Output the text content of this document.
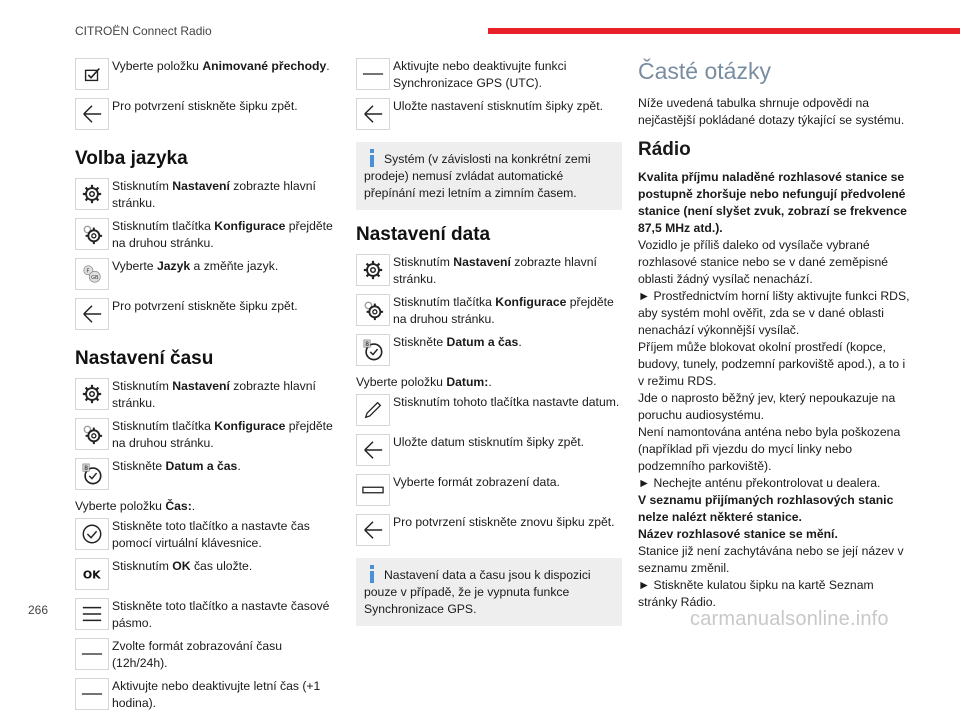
CITROËN Connect Radio
Vyberte položku Animované přechody.
Pro potvrzení stiskněte šipku zpět.
Volba jazyka
Stisknutím Nastavení zobrazte hlavní stránku.
Stisknutím tlačítka Konfigurace přejděte na druhou stránku.
F
GB
Vyberte Jazyk a změňte jazyk.
Pro potvrzení stiskněte šipku zpět.
Nastavení času
Stisknutím Nastavení zobrazte hlavní stránku.
Stisknutím tlačítka Konfigurace přejděte na druhou stránku.
8 Stiskněte Datum a čas.

Vyberte položku Čas:.

Stiskněte toto tlačítko a nastavte čas pomocí virtuální klávesnice.
OK
Stisknutím OK čas uložte.
Stiskněte toto tlačítko a nastavte časové pásmo.
Zvolte formát zobrazování času (12h/24h).
Aktivujte nebo deaktivujte letní čas (+1 hodina).
Aktivujte nebo deaktivujte funkci Synchronizace GPS (UTC).
Uložte nastavení stisknutím šipky zpět.
Systém (v závislosti na konkrétní zemi prodeje) nemusí zvládat automatické přepínání mezi letním a zimním časem.
Nastavení data
Stisknutím Nastavení zobrazte hlavní stránku.
Stisknutím tlačítka Konfigurace přejděte na druhou stránku.
8 Stiskněte Datum a čas.

Vyberte položku Datum:.

Stisknutím tohoto tlačítka nastavte datum.
Uložte datum stisknutím šipky zpět.
Vyberte formát zobrazení data.
Pro potvrzení stiskněte znovu šipku zpět.
Nastavení data a času jsou k dispozici pouze v případě, že je vypnuta funkce Synchronizace GPS.
Časté otázky

Níže uvedená tabulka shrnuje odpovědi na nejčastější pokládané dotazy týkající se systému.

Rádio

Kvalita příjmu naladěné rozhlasové stanice se postupně zhoršuje nebo nefungují předvolené stanice (není slyšet zvuk, zobrazí se frekvence 87,5 MHz atd.).

Vozidlo je příliš daleko od vysílače vybrané rozhlasové stanice nebo se v dané zeměpisné oblasti žádný vysílač nenachází.

► Prostřednictvím horní lišty aktivujte funkci RDS, aby systém mohl ověřit, zda se v dané oblasti nenachází výkonnější vysílač.

Příjem může blokovat okolní prostředí (kopce, budovy, tunely, podzemní parkoviště apod.), a to i v režimu RDS.

Jde o naprosto běžný jev, který nepoukazuje na poruchu audiosystému.

Není namontována anténa nebo byla poškozena (například při vjezdu do mycí linky nebo podzemního parkoviště).

► Nechejte anténu překontrolovat u dealera.

V seznamu přijímaných rozhlasových stanic nelze nalézt některé stanice.

Název rozhlasové stanice se mění.

Stanice již není zachytávána nebo se její název v seznamu změnil.

► Stiskněte kulatou šipku na kartě Seznam stránky Rádio.

266	carmanualsonline.info
